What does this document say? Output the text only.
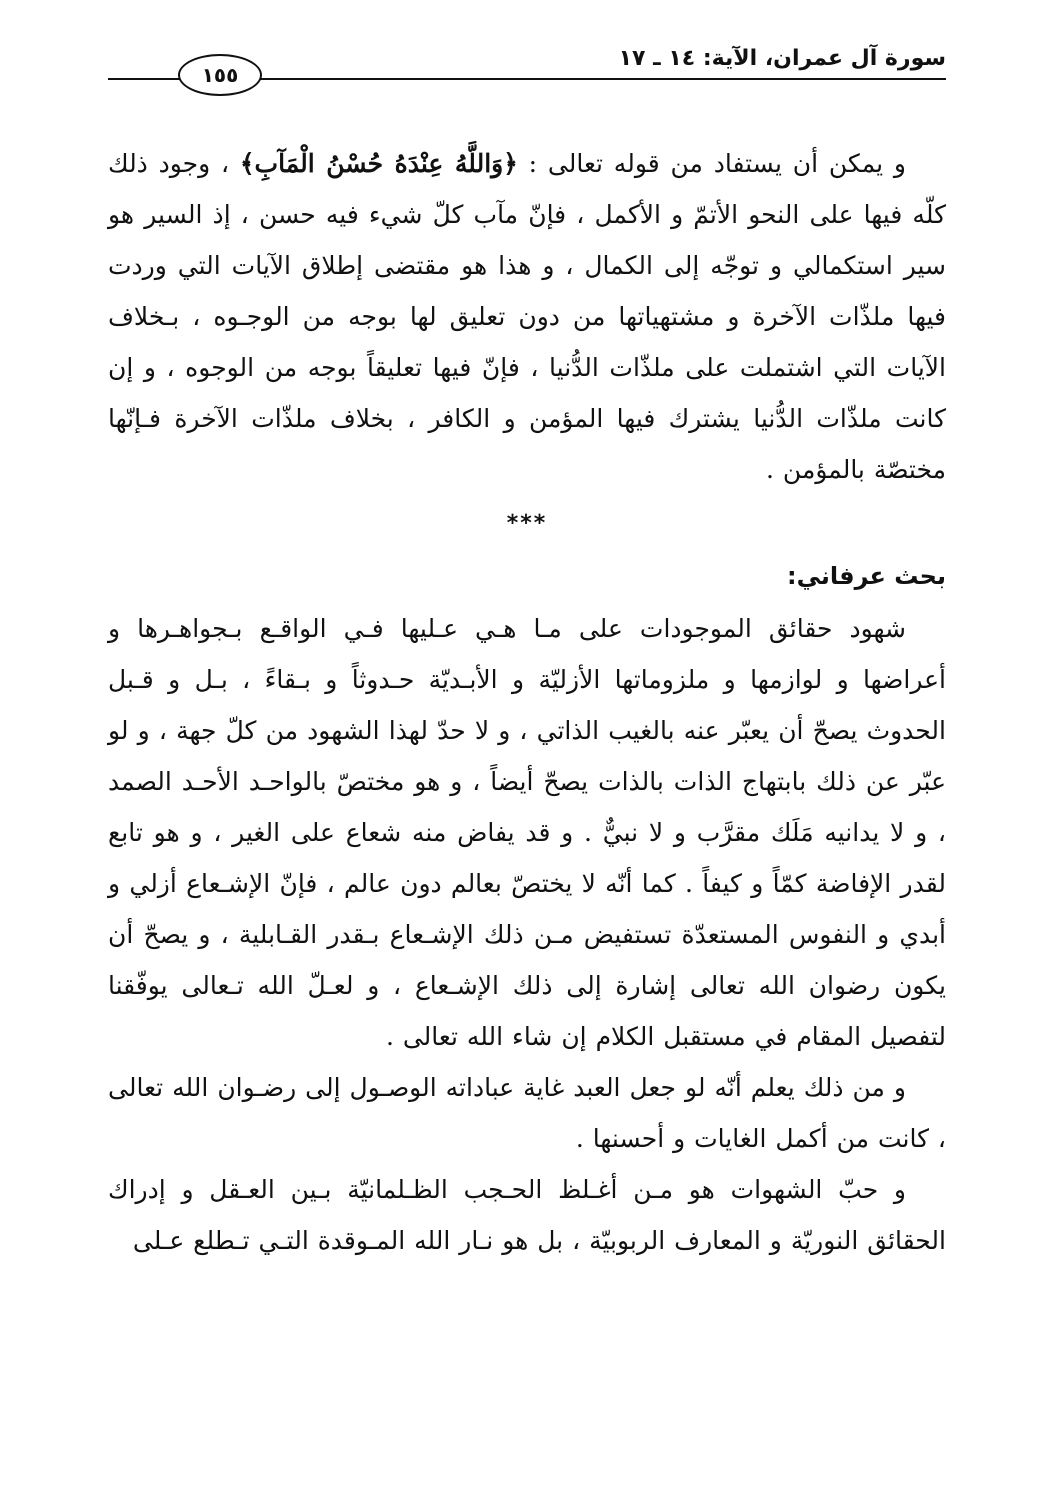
سورة آل عمران، الآية: ١٤ ـ ١٧
١٥٥

و يمكن أن يستفاد من قوله تعالى : ﴿وَاللَّهُ عِنْدَهُ حُسْنُ الْمَآبِ﴾ ، وجود ذلك كلّه فيها على النحو الأتمّ و الأكمل ، فإنّ مآب كلّ شيء فيه حسن ، إذ السير هو سير استكمالي و توجّه إلى الكمال ، و هذا هو مقتضى إطلاق الآيات التي وردت فيها ملذّات الآخرة و مشتهياتها من دون تعليق لها بوجه من الوجـوه ، بـخلاف الآيات التي اشتملت على ملذّات الدُّنيا ، فإنّ فيها تعليقاً بوجه من الوجوه ، و إن كانت ملذّات الدُّنيا يشترك فيها المؤمن و الكافر ، بخلاف ملذّات الآخرة فـإنّها مختصّة بالمؤمن .

***
بحث عرفاني:

شهود حقائق الموجودات على مـا هـي عـليها فـي الواقـع بـجواهـرها و أعراضها و لوازمها و ملزوماتها الأزليّة و الأبـديّة حـدوثاً و بـقاءً ، بـل و قـبل الحدوث يصحّ أن يعبّر عنه بالغيب الذاتي ، و لا حدّ لهذا الشهود من كلّ جهة ، و لو عبّر عن ذلك بابتهاج الذات بالذات يصحّ أيضاً ، و هو مختصّ بالواحـد الأحـد الصمد ، و لا يدانيه مَلَك مقرَّب و لا نبيٌّ . و قد يفاض منه شعاع على الغير ، و هو تابع لقدر الإفاضة كمّاً و كيفاً . كما أنّه لا يختصّ بعالم دون عالم ، فإنّ الإشـعاع أزلي و أبدي و النفوس المستعدّة تستفيض مـن ذلك الإشـعاع بـقدر القـابلية ، و يصحّ أن يكون رضوان الله تعالى إشارة إلى ذلك الإشـعاع ، و لعـلّ الله تـعالى يوفّقنا لتفصيل المقام في مستقبل الكلام إن شاء الله تعالى .

و من ذلك يعلم أنّه لو جعل العبد غاية عباداته الوصـول إلى رضـوان الله تعالى ، كانت من أكمل الغايات و أحسنها .

و حبّ الشهوات هو مـن أغـلظ الحـجب الظـلمانيّة بـين العـقل و إدراك الحقائق النوريّة و المعارف الربوبيّة ، بل هو نـار الله المـوقدة التـي تـطلع عـلى
